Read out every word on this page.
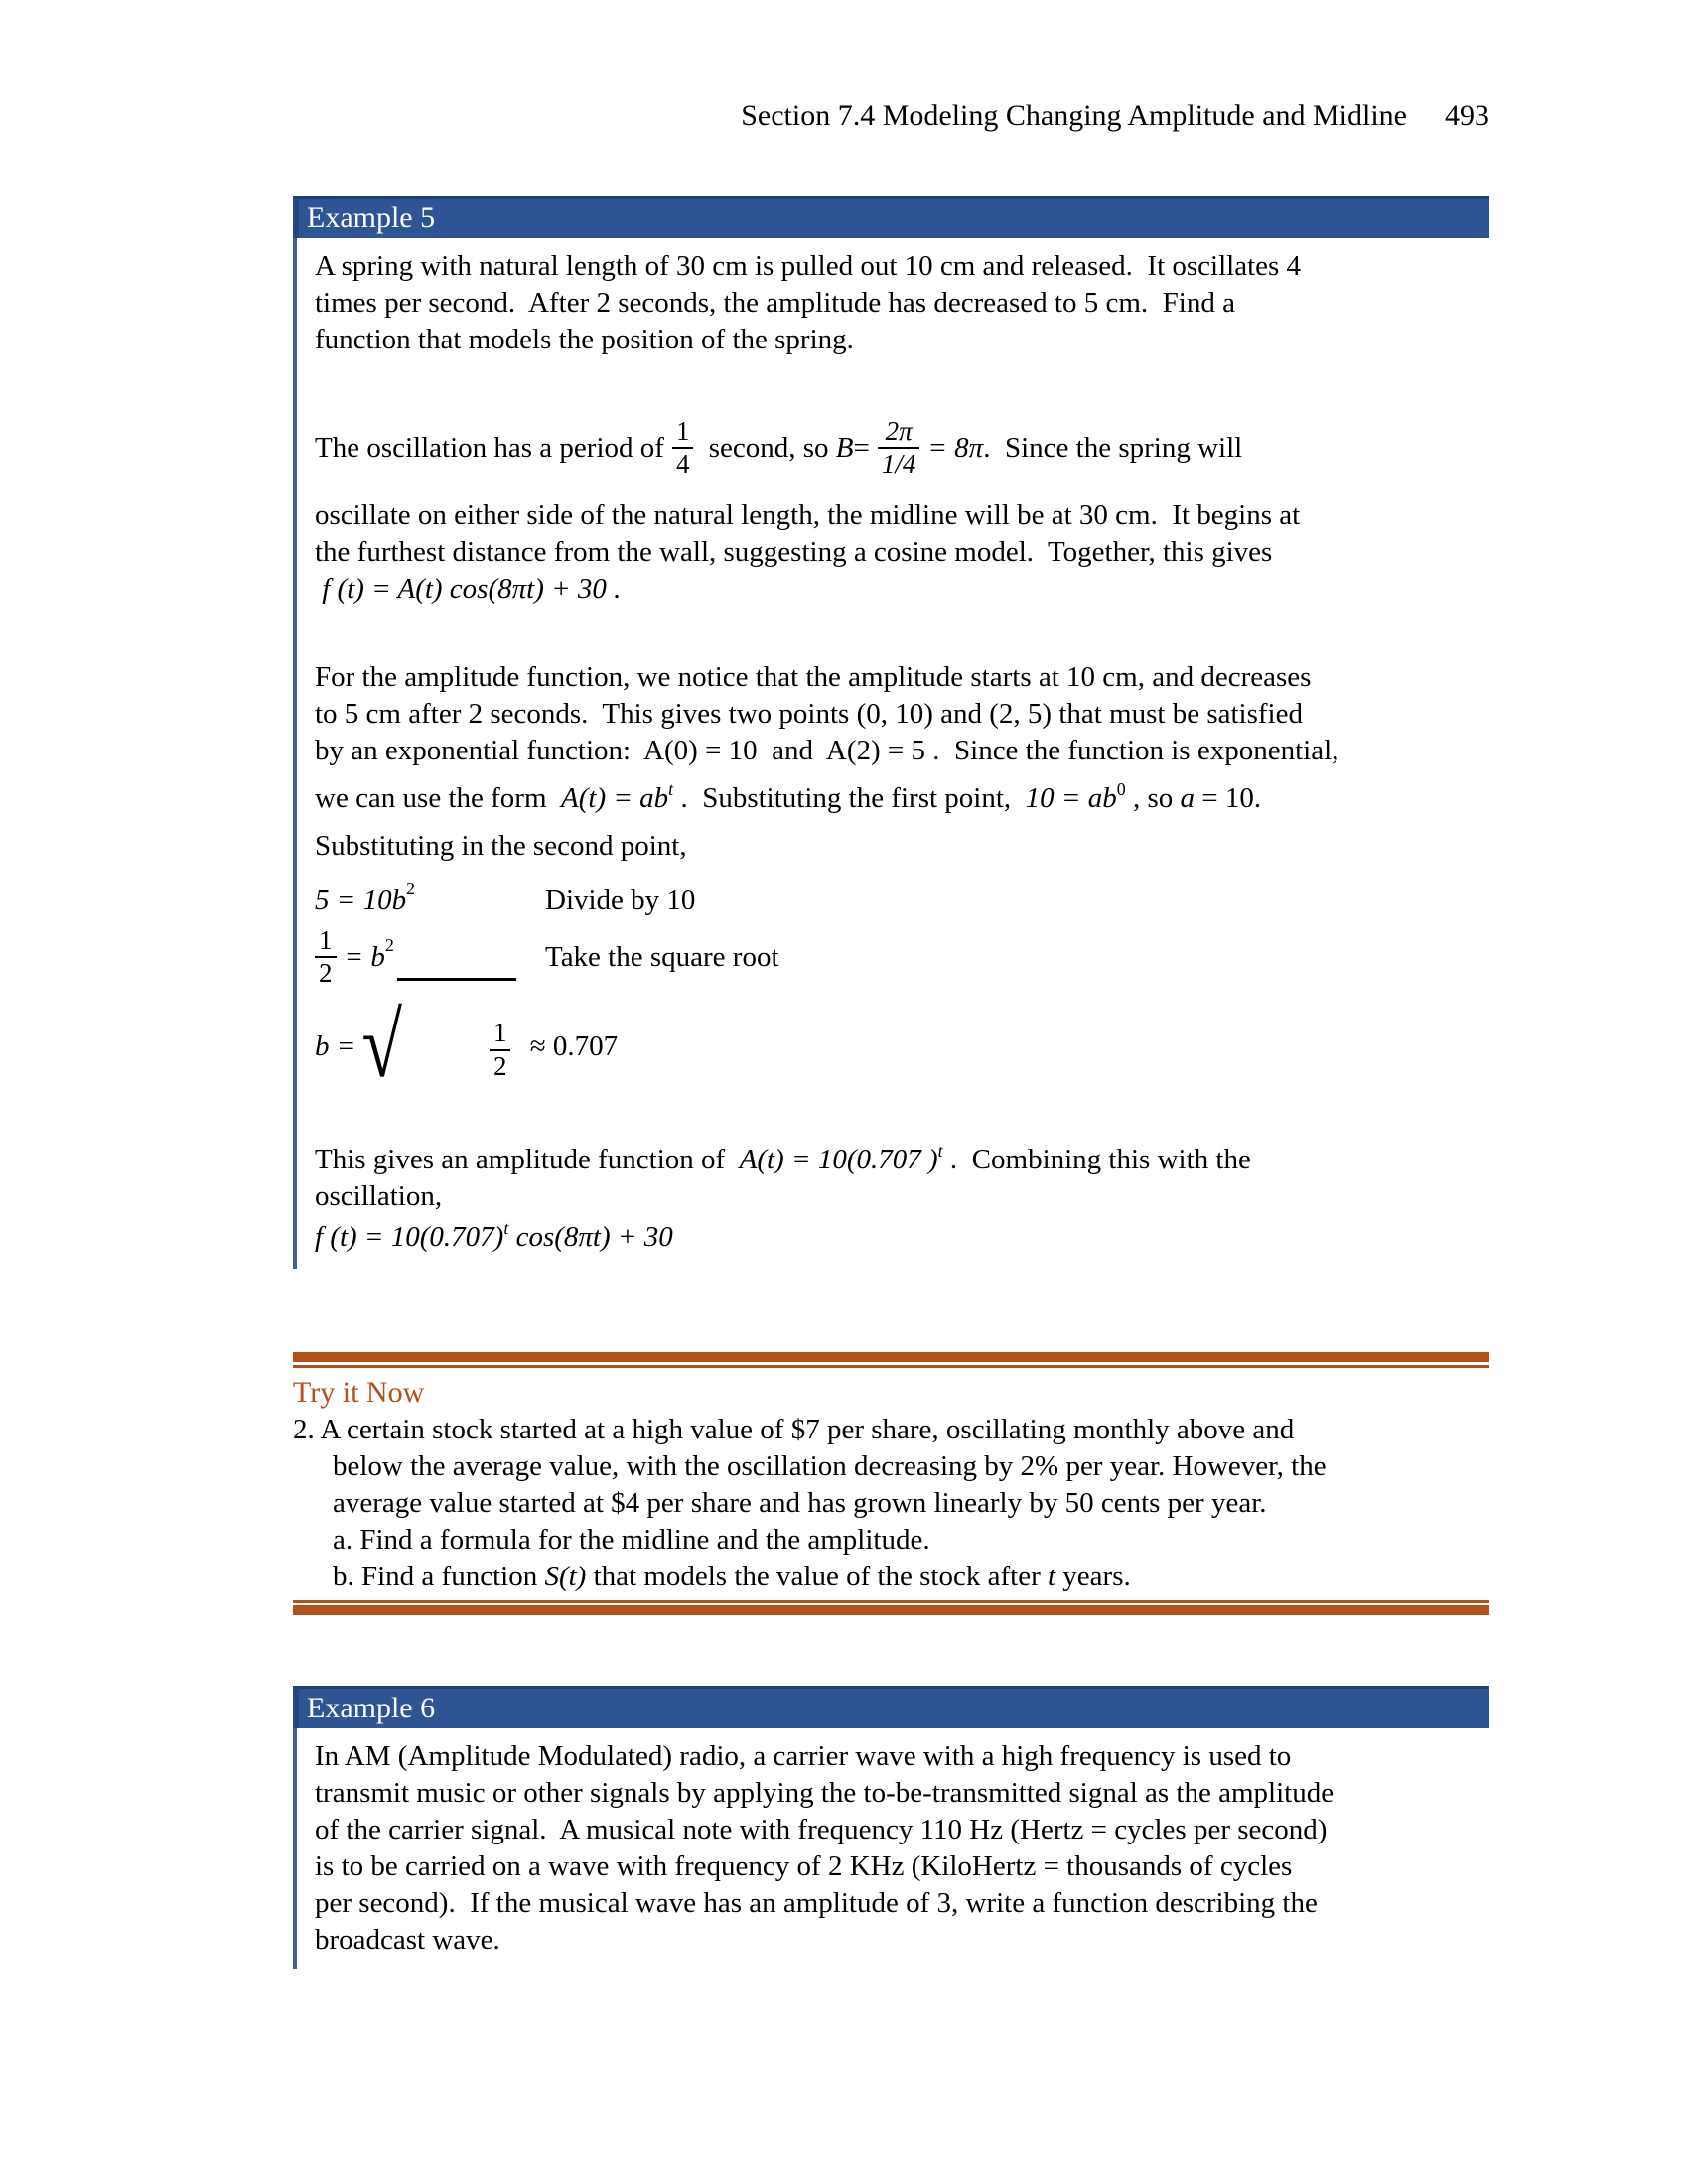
Section 7.4 Modeling Changing Amplitude and Midline 493
Example 5
A spring with natural length of 30 cm is pulled out 10 cm and released.  It oscillates 4
times per second.  After 2 seconds, the amplitude has decreased to 5 cm.  Find a
function that models the position of the spring.
The oscillation has a period of $\frac{1}{4}$ second, so $B = \frac{2\pi}{1/4} = 8\pi$ .  Since the spring will
oscillate on either side of the natural length, the midline will be at 30 cm.  It begins at
the furthest distance from the wall, suggesting a cosine model.  Together, this gives
f (t) = A(t) cos(8πt) + 30 .
For the amplitude function, we notice that the amplitude starts at 10 cm, and decreases
to 5 cm after 2 seconds.  This gives two points (0, 10) and (2, 5) that must be satisfied
by an exponential function:  A(0) = 10  and  A(2) = 5 .  Since the function is exponential,
we can use the form  $A(t) = ab^t$ .  Substituting the first point,  $10 = ab^0$ , so a = 10.
Substituting in the second point,
5 = 10b 2	Divide by 10
$\frac{1}{2} = b$ 2	Take the square root
b = √

	$\frac{1}{2}$

≈ 0.707
This gives an amplitude function of  A(t) = 10(0.707 )$^t$ .  Combining this with the
oscillation,
f $(t) = 10(0.707)^t$ cos(8πt) + 30
Try it Now
2. A certain stock started at a high value of $7 per share, oscillating monthly above and
below the average value, with the oscillation decreasing by 2% per year. However, the
average value started at $4 per share and has grown linearly by 50 cents per year.
a. Find a formula for the midline and the amplitude.
b. Find a function S(t) that models the value of the stock after t years.
Example 6
In AM (Amplitude Modulated) radio, a carrier wave with a high frequency is used to
transmit music or other signals by applying the to-be-transmitted signal as the amplitude
of the carrier signal.  A musical note with frequency 110 Hz (Hertz = cycles per second)
is to be carried on a wave with frequency of 2 KHz (KiloHertz = thousands of cycles
per second).  If the musical wave has an amplitude of 3, write a function describing the
broadcast wave.
